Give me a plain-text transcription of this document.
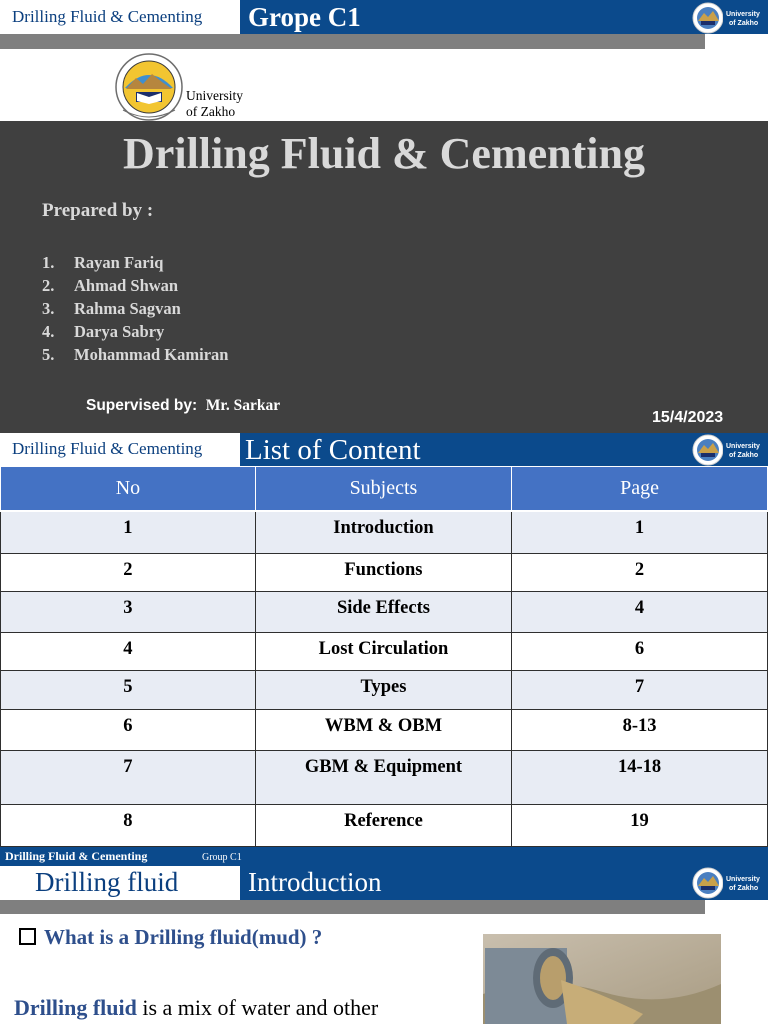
Drilling Fluid & Cementing Grope C1	University
of Zakho
University
of Zakho
Drilling Fluid & Cementing
Prepared by :
1. Rayan Fariq
2. Ahmad Shwan
3. Rahma Sagvan
4. Darya Sabry
5. Mohammad Kamiran
Supervised by: Mr. Sarkar
15/4/2023
Drilling Fluid & Cementing List of Content	University
of Zakho
No	Subjects	Page
1	Introduction	1
2	Functions	2
3	Side Effects	4
4	Lost Circulation	6
5	Types	7
6	WBM & OBM	8-13
7	GBM & Equipment	14-18
8	Reference	19
Drilling Fluid & Cementing	Group C1
Drilling fluid	Introduction	University
of Zakho
What is a Drilling fluid(mud) ?
Drilling fluid is a mix of water and other
